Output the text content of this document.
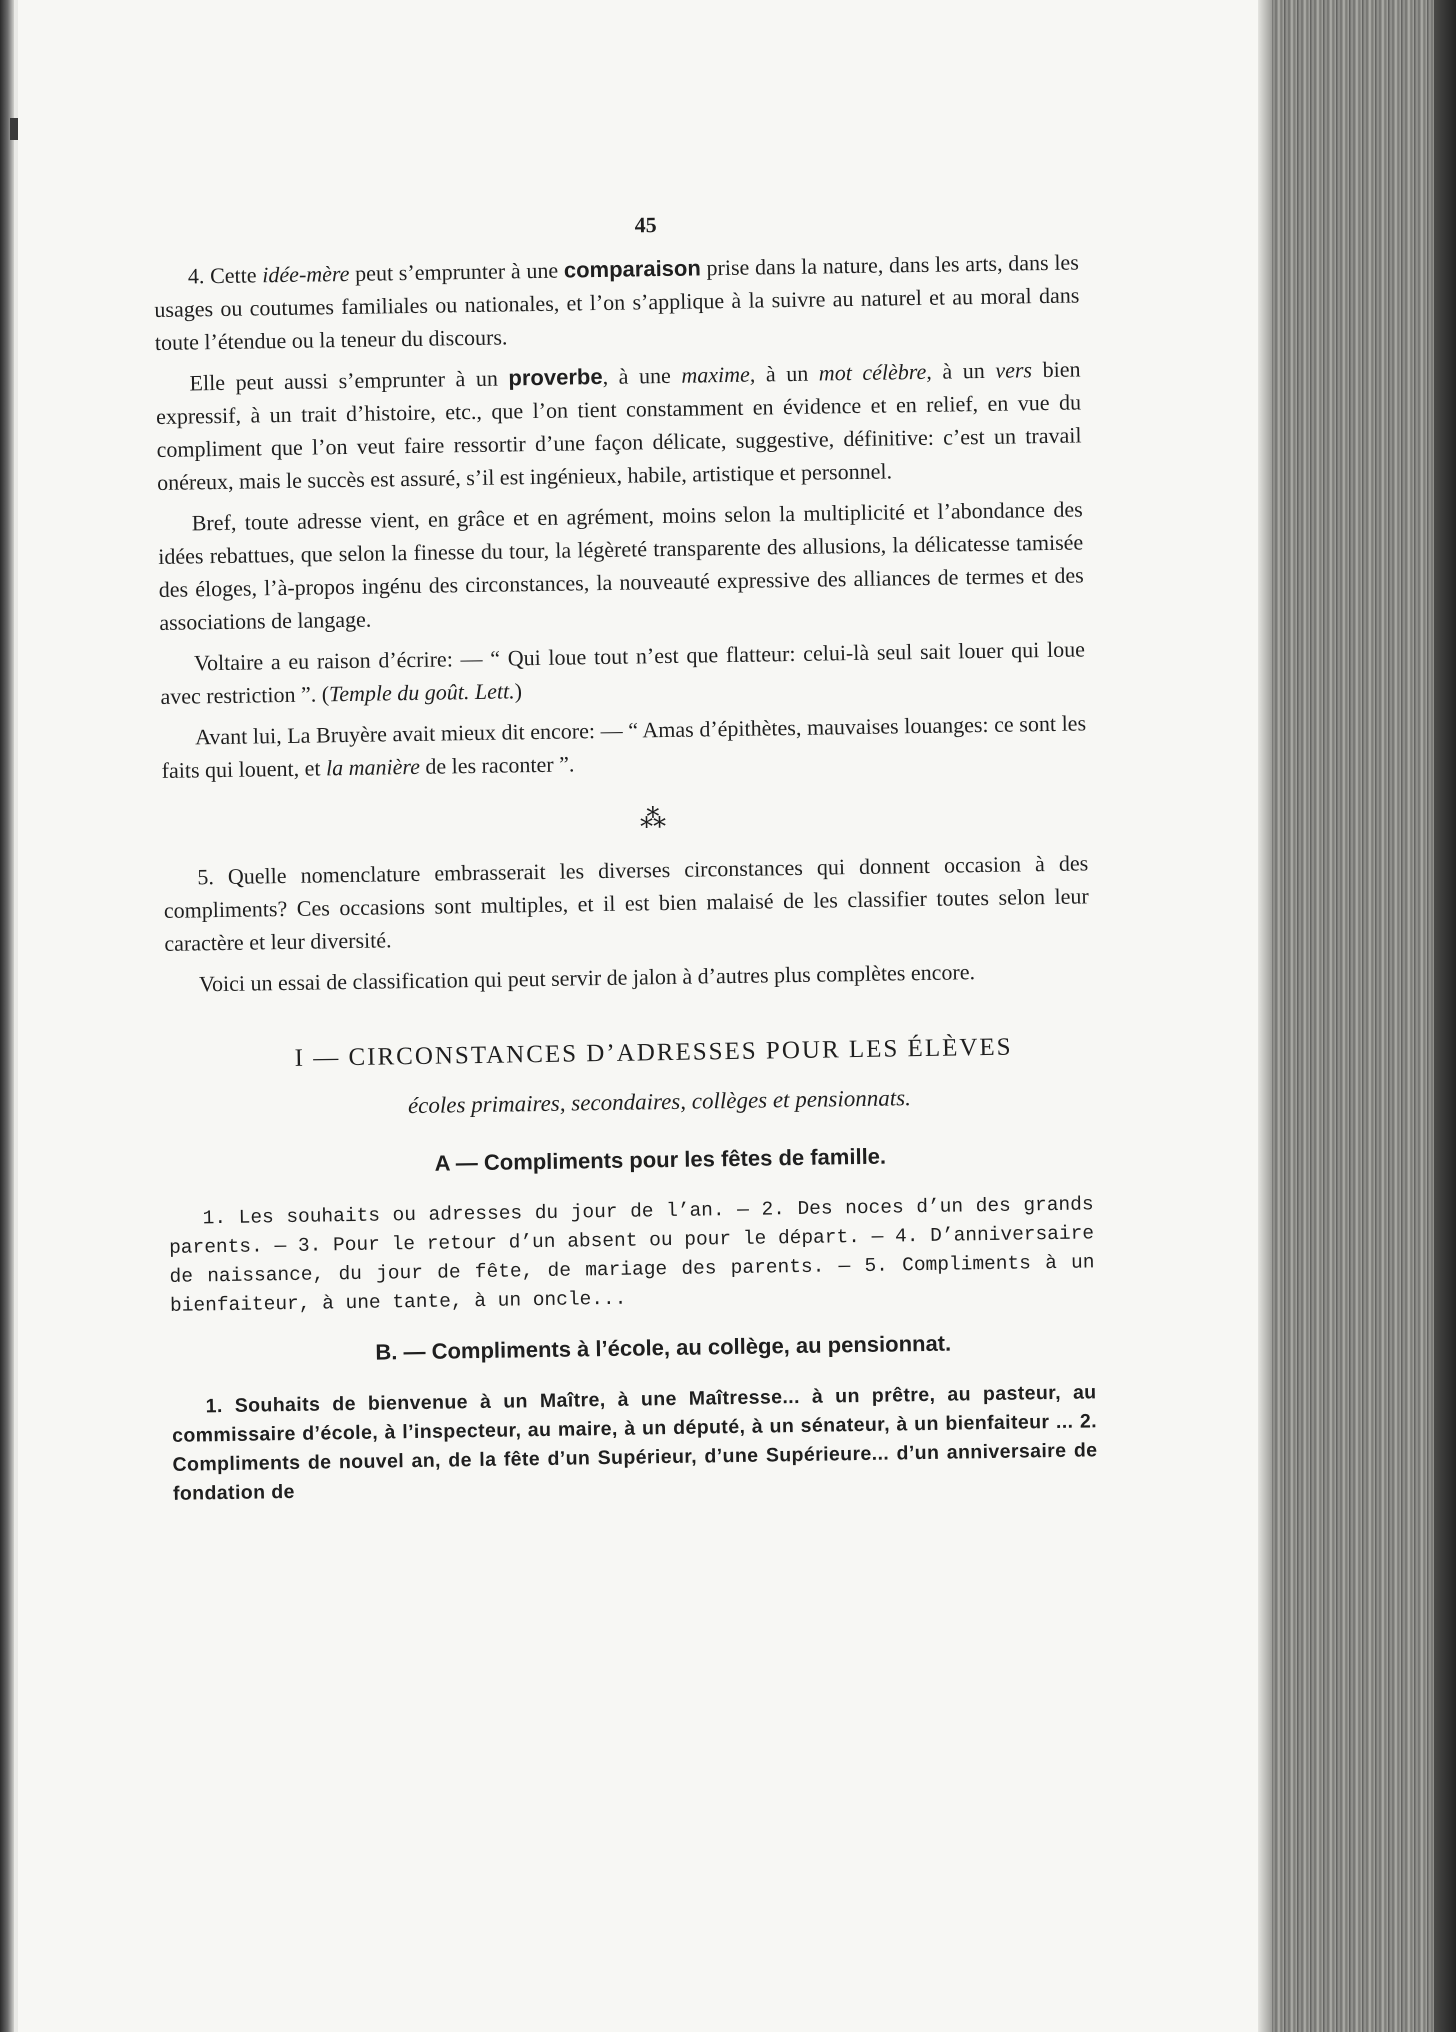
45

4. Cette idée-mère peut s’emprunter à une comparaison prise dans la nature, dans les arts, dans les usages ou coutumes familiales ou nationales, et l’on s’applique à la suivre au naturel et au moral dans toute l’étendue ou la teneur du discours.

Elle peut aussi s’emprunter à un proverbe, à une maxime, à un mot célèbre, à un vers bien expressif, à un trait d’histoire, etc., que l’on tient constamment en évidence et en relief, en vue du compliment que l’on veut faire ressortir d’une façon délicate, suggestive, définitive: c’est un travail onéreux, mais le succès est assuré, s’il est ingénieux, habile, artistique et personnel.

Bref, toute adresse vient, en grâce et en agrément, moins selon la multiplicité et l’abondance des idées rebattues, que selon la finesse du tour, la légèreté transparente des allusions, la délicatesse tamisée des éloges, l’à-propos ingénu des circonstances, la nouveauté expressive des alliances de termes et des associations de langage.

Voltaire a eu raison d’écrire: — “ Qui loue tout n’est que flatteur: celui-là seul sait louer qui loue avec restriction ”. (Temple du goût. Lett.)

Avant lui, La Bruyère avait mieux dit encore: — “ Amas d’épithètes, mauvaises louanges: ce sont les faits qui louent, et la manière de les raconter ”.

⁂

5. Quelle nomenclature embrasserait les diverses circonstances qui donnent occasion à des compliments? Ces occasions sont multiples, et il est bien malaisé de les classifier toutes selon leur caractère et leur diversité.

Voici un essai de classification qui peut servir de jalon à d’autres plus complètes encore.

I — CIRCONSTANCES D’ADRESSES POUR LES ÉLÈVES
écoles primaires, secondaires, collèges et pensionnats.
A — Compliments pour les fêtes de famille.

1. Les souhaits ou adresses du jour de l’an. — 2. Des noces d’un des grands parents. — 3. Pour le retour d’un absent ou pour le départ. — 4. D’anniversaire de naissance, du jour de fête, de mariage des parents. — 5. Compliments à un bienfaiteur, à une tante, à un oncle...

B. — Compliments à l’école, au collège, au pensionnat.

1. Souhaits de bienvenue à un Maître, à une Maîtresse... à un prêtre, au pasteur, au commissaire d’école, à l’inspecteur, au maire, à un député, à un sénateur, à un bienfaiteur ... 2. Compliments de nouvel an, de la fête d’un Supérieur, d’une Supérieure... d’un anniversaire de fondation de
